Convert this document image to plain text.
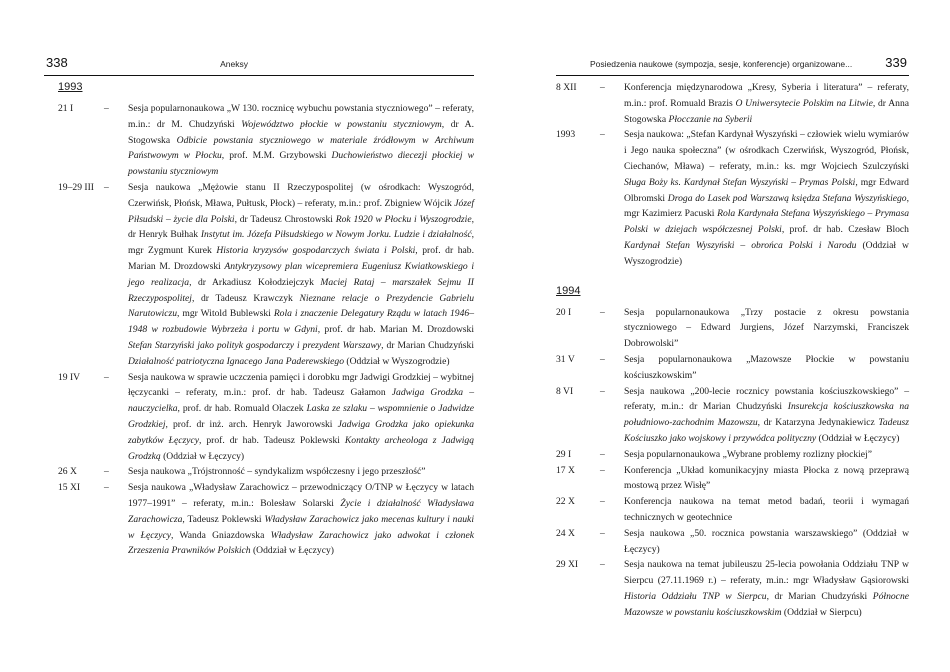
338	Aneksy
1993
21 I	– Sesja popularnonaukowa „W 130. rocznicę wybuchu powstania styczniowego” – referaty, m.in.: dr M. Chudzyński Województwo płockie w powstaniu styczniowym, dr A. Stogowska Odbicie powstania styczniowego w materiale źródłowym w Archiwum Państwowym w Płocku, prof. M.M. Grzybowski Duchowieństwo diecezji płockiej w powstaniu styczniowym
19–29 III – Sesja naukowa „Mężowie stanu II Rzeczypospolitej (w ośrodkach: Wyszogród, Czerwińsk, Płońsk, Mława, Pułtusk, Płock) – referaty, m.in.: prof. Zbigniew Wójcik Józef Piłsudski – życie dla Polski, dr Tadeusz Chrostowski Rok 1920 w Płocku i Wyszogrodzie, dr Henryk Bułhak Instytut im. Józefa Piłsudskiego w Nowym Jorku. Ludzie i działalność, mgr Zygmunt Kurek Historia kryzysów gospodarczych świata i Polski, prof. dr hab. Marian M. Drozdowski Antykryzysowy plan wicepremiera Eugeniusz Kwiatkowskiego i jego realizacja, dr Arkadiusz Kołodziejczyk Maciej Rataj – marszałek Sejmu II Rzeczypospolitej, dr Tadeusz Krawczyk Nieznane relacje o Prezydencie Gabrielu Narutowiczu, mgr Witold Bublewski Rola i znaczenie Delegatury Rządu w latach 1946–1948 w rozbudowie Wybrzeża i portu w Gdyni, prof. dr hab. Marian M. Drozdowski Stefan Starzyński jako polityk gospodarczy i prezydent Warszawy, dr Marian Chudzyński Działalność patriotyczna Ignacego Jana Paderewskiego (Oddział w Wyszogrodzie)
19 IV – Sesja naukowa w sprawie uczczenia pamięci i dorobku mgr Jadwigi Grodzkiej – wybitnej łęczycanki – referaty, m.in.: prof. dr hab. Tadeusz Gałamon Jadwiga Grodzka – nauczycielka, prof. dr hab. Romuald Olaczek Laska ze szlaku – wspomnienie o Jadwidze Grodzkiej, prof. dr inż. arch. Henryk Jaworowski Jadwiga Grodzka jako opiekunka zabytków Łęczycy, prof. dr hab. Tadeusz Poklewski Kontakty archeologa z Jadwigą Grodzką (Oddział w Łęczycy)
26 X	– Sesja naukowa „Trójstronność – syndykalizm współczesny i jego przeszłość”
15 XI – Sesja naukowa „Władysław Zarachowicz – przewodniczący O/TNP w Łęczycy w latach 1977–1991” – referaty, m.in.: Bolesław Solarski Życie i działalność Władysława Zarachowicza, Tadeusz Poklewski Władysław Zarachowicz jako mecenas kultury i nauki w Łęczycy, Wanda Gniazdowska Władysław Zarachowicz jako adwokat i członek Zrzeszenia Prawników Polskich (Oddział w Łęczycy)
Posiedzenia naukowe (sympozja, sesje, konferencje) organizowane...	339
8 XII – Konferencja międzynarodowa „Kresy, Syberia i literatura” – referaty, m.in.: prof. Romuald Brazis O Uniwersytecie Polskim na Litwie, dr Anna Stogowska Płocczanie na Syberii
1993	– Sesja naukowa: „Stefan Kardynał Wyszyński – człowiek wielu wymiarów i Jego nauka społeczna” (w ośrodkach Czerwińsk, Wyszogród, Płońsk, Ciechanów, Mława) – referaty, m.in.: ks. mgr Wojciech Szulczyński Sługa Boży ks. Kardynał Stefan Wyszyński – Prymas Polski, mgr Edward Olbromski Droga do Lasek pod Warszawą księdza Stefana Wyszyńskiego, mgr Kazimierz Pacuski Rola Kardynała Stefana Wyszyńskiego – Prymasa Polski w dziejach współczesnej Polski, prof. dr hab. Czesław Bloch Kardynał Stefan Wyszyński – obrońca Polski i Narodu (Oddział w Wyszogrodzie)
1994
20 I	– Sesja popularnonaukowa „Trzy postacie z okresu powstania styczniowego – Edward Jurgiens, Józef Narzymski, Franciszek Dobrowolski”
31 V	– Sesja popularnonaukowa „Mazowsze Płockie w powstaniu kościuszkowskim”
8 VI	– Sesja naukowa „200-lecie rocznicy powstania kościuszkowskiego” – referaty, m.in.: dr Marian Chudzyński Insurekcja kościuszkowska na południowo-zachodnim Mazowszu, dr Katarzyna Jedynakiewicz Tadeusz Kościuszko jako wojskowy i przywódca polityczny (Oddział w Łęczycy)
29 I	– Sesja popularnonaukowa „Wybrane problemy rozlizny płockiej”
17 X	– Konferencja „Układ komunikacyjny miasta Płocka z nową przeprawą mostową przez Wisłę”
22 X	– Konferencja naukowa na temat metod badań, teorii i wymagań technicznych w geotechnice
24 X	– Sesja naukowa „50. rocznica powstania warszawskiego” (Oddział w Łęczycy)
29 XI – Sesja naukowa na temat jubileuszu 25-lecia powołania Oddziału TNP w Sierpcu (27.11.1969 r.) – referaty, m.in.: mgr Władysław Gąsiorowski Historia Oddziału TNP w Sierpcu, dr Marian Chudzyński Północne Mazowsze w powstaniu kościuszkowskim (Oddział w Sierpcu)
